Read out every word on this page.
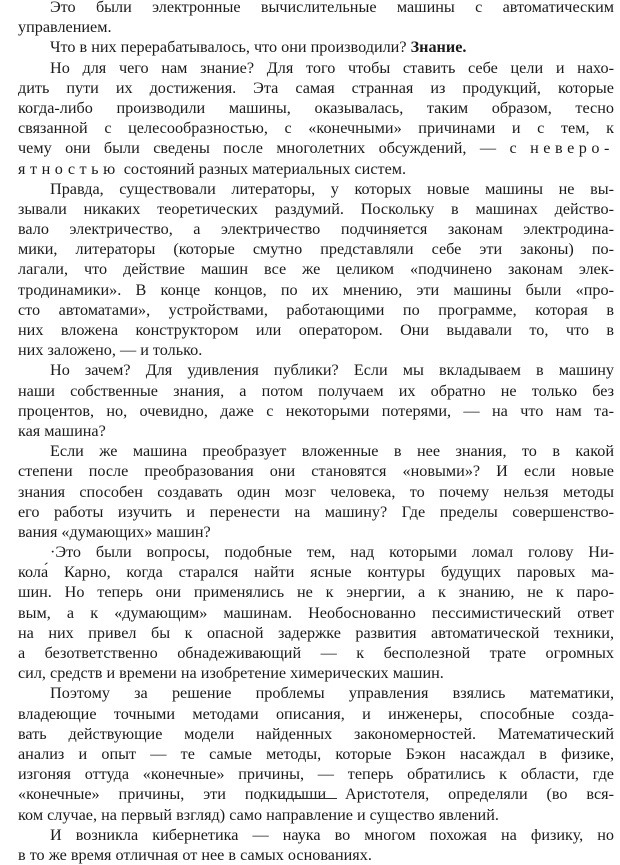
Это были электронные вычислительные машины с автоматическим
управлением.
Что в них перерабатывалось, что они производили? Знание.
Но для чего нам знание? Для того чтобы ставить себе цели и нахо-
дить пути их достижения. Эта самая странная из продукций, которые
когда-либо производили машины, оказывалась, таким образом, тесно
связанной с целесообразностью, с «конечными» причинами и с тем, к
чему они были сведены после многолетних обсуждений, — с неверо-
ятностью состояний разных материальных систем.
Правда, существовали литераторы, у которых новые машины не вы-
зывали никаких теоретических раздумий. Поскольку в машинах действо-
вало электричество, а электричество подчиняется законам электродина-
мики, литераторы (которые смутно представляли себе эти законы) по-
лагали, что действие машин все же целиком «подчинено законам элек-
тродинамики». В конце концов, по их мнению, эти машины были «про-
сто автоматами», устройствами, работающими по программе, которая в
них вложена конструктором или оператором. Они выдавали то, что в
них заложено, — и только.
Но зачем? Для удивления публики? Если мы вкладываем в машину
наши собственные знания, а потом получаем их обратно не только без
процентов, но, очевидно, даже с некоторыми потерями, — на что нам та-
кая машина?
Если же машина преобразует вложенные в нее знания, то в какой
степени после преобразования они становятся «новыми»? И если новые
знания способен создавать один мозг человека, то почему нельзя методы
его работы изучить и перенести на машину? Где пределы совершенство-
вания «думающих» машин?
·Это были вопросы, подобные тем, над которыми ломал голову Ни-
кола́ Карно, когда старался найти ясные контуры будущих паровых ма-
шин. Но теперь они применялись не к энергии, а к знанию, не к паро-
вым, а к «думающим» машинам. Необоснованно пессимистический ответ
на них привел бы к опасной задержке развития автоматической техники,
а безответственно обнадеживающий — к бесполезной трате огромных
сил, средств и времени на изобретение химерических машин.
Поэтому за решение проблемы управления взялись математики,
владеющие точными методами описания, и инженеры, способные созда-
вать действующие модели найденных закономерностей. Математический
анализ и опыт — те самые методы, которые Бэкон насаждал в физике,
изгоняя оттуда «конечные» причины, — теперь обратились к области, где
«конечные» причины, эти подкидыши Аристотеля, определяли (во вся-
ком случае, на первый взгляд) само направление и существо явлений.
И возникла кибернетика — наука во многом похожая на физику, но
в то же время отличная от нее в самых основаниях.
